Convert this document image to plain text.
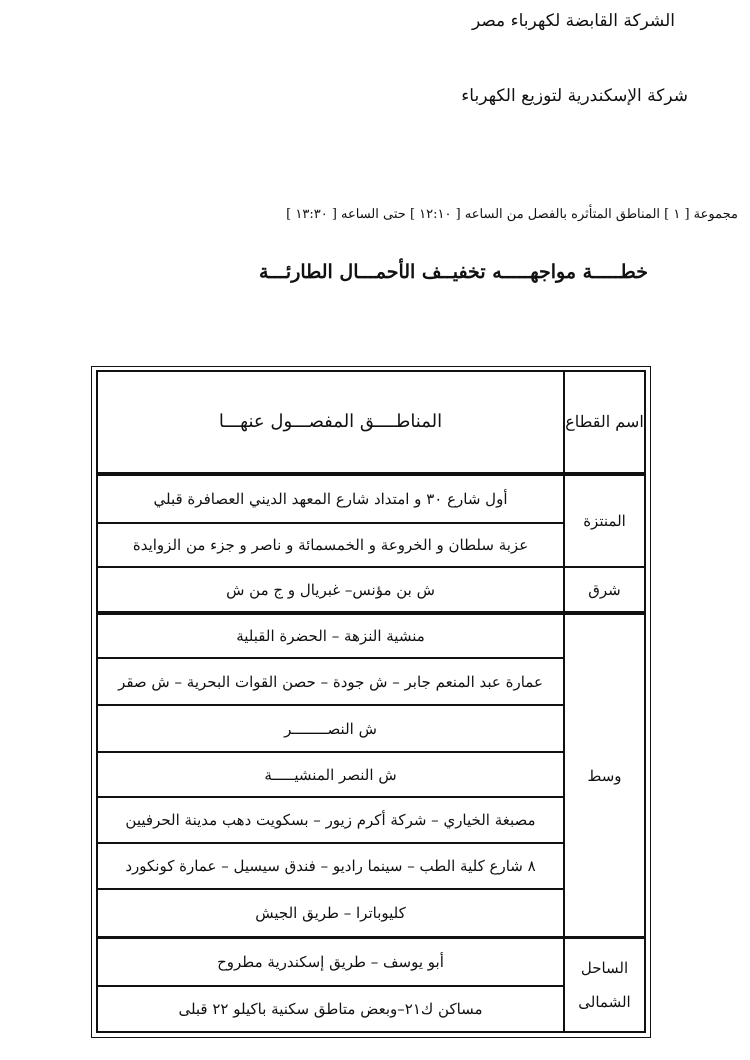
الشركة القابضة لكهرباء مصر
شركة الإسكندرية لتوزيع الكهرباء
مجموعة [ ١ ] المناطق المتأثره بالفصل من الساعه [ ١٢:١٠ ] حتى الساعه [ ١٣:٣٠ ]
خطـــــة مواجهـــــه تخفيــف الأحمـــال الطارئـــة
المناطــــق المفصـــول عنهـــا	اسم القطاع
أول شارع ٣٠ و امتداد شارع المعهد الديني العصافرة قبلي
عزبة سلطان و الخروعة و الخمسمائة و ناصر و جزء من الزوايدة
المنتزة
ش بن مؤنس– غبريال و ج من ش	شرق
منشية النزهة – الحضرة القبلية
عمارة عبد المنعم جابر – ش جودة – حصن القوات البحرية – ش صقر
ش النصــــــــر
ش النصر المنشيـــــة
مصبغة الخياري – شركة أكرم زيور – بسكويت دهب مدينة الحرفيين
٨ شارع كلية الطب – سينما راديو – فندق سيسيل – عمارة كونكورد
كليوباترا – طريق الجيش
وسط
أبو يوسف – طريق إسكندرية مطروح
مساكن ك٢١–وبعض متاطق سكنية باكيلو ٢٢ قبلى
الساحل
الشمالى
